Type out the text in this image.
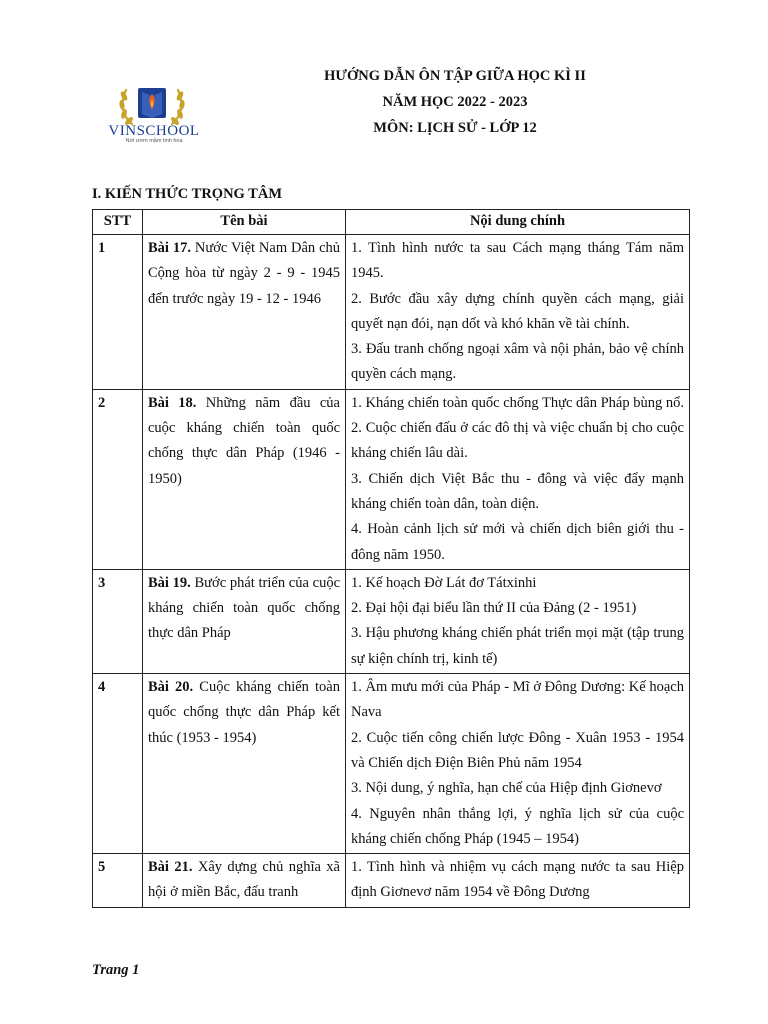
VINSCHOOL
Nơi ươm mầm tinh hoa
HƯỚNG DẪN ÔN TẬP GIỮA HỌC KÌ II
NĂM HỌC 2022 - 2023
MÔN: LỊCH SỬ - LỚP 12
I. KIẾN THỨC TRỌNG TÂM
STT	Tên bài	Nội dung chính
1	Bài 17. Nước Việt Nam Dân chủ Cộng hòa từ ngày 2 - 9 - 1945 đến trước ngày 19 - 12 - 1946	1. Tình hình nước ta sau Cách mạng tháng Tám năm 1945.
2. Bước đầu xây dựng chính quyền cách mạng, giải quyết nạn đói, nạn dốt và khó khăn về tài chính.
3. Đấu tranh chống ngoại xâm và nội phản, bảo vệ chính quyền cách mạng.

2	Bài 18. Những năm đầu của cuộc kháng chiến toàn quốc chống thực dân Pháp (1946 - 1950)	1. Kháng chiến toàn quốc chống Thực dân Pháp bùng nổ.
2. Cuộc chiến đấu ở các đô thị và việc chuẩn bị cho cuộc kháng chiến lâu dài.
3. Chiến dịch Việt Bắc thu - đông và việc đẩy mạnh kháng chiến toàn dân, toàn diện.
4. Hoàn cảnh lịch sử mới và chiến dịch biên giới thu - đông năm 1950.

3	Bài 19. Bước phát triển của cuộc kháng chiến toàn quốc chống thực dân Pháp	1. Kế hoạch Đờ Lát đơ Tátxinhi
2. Đại hội đại biểu lần thứ II của Đảng (2 - 1951)
3. Hậu phương kháng chiến phát triển mọi mặt (tập trung sự kiện chính trị, kinh tế)

4	Bài 20. Cuộc kháng chiến toàn quốc chống thực dân Pháp kết thúc (1953 - 1954)	1. Âm mưu mới của Pháp - Mĩ ở Đông Dương: Kế hoạch Nava
2. Cuộc tiến công chiến lược Đông - Xuân 1953 - 1954 và Chiến dịch Điện Biên Phủ năm 1954
3. Nội dung, ý nghĩa, hạn chế của Hiệp định Giơnevơ
4. Nguyên nhân thắng lợi, ý nghĩa lịch sử của cuộc kháng chiến chống Pháp (1945 – 1954)

5	Bài 21. Xây dựng chủ nghĩa xã hội ở miền Bắc, đấu tranh	1. Tình hình và nhiệm vụ cách mạng nước ta sau Hiệp định Giơnevơ năm 1954 về Đông Dương
Trang 1
